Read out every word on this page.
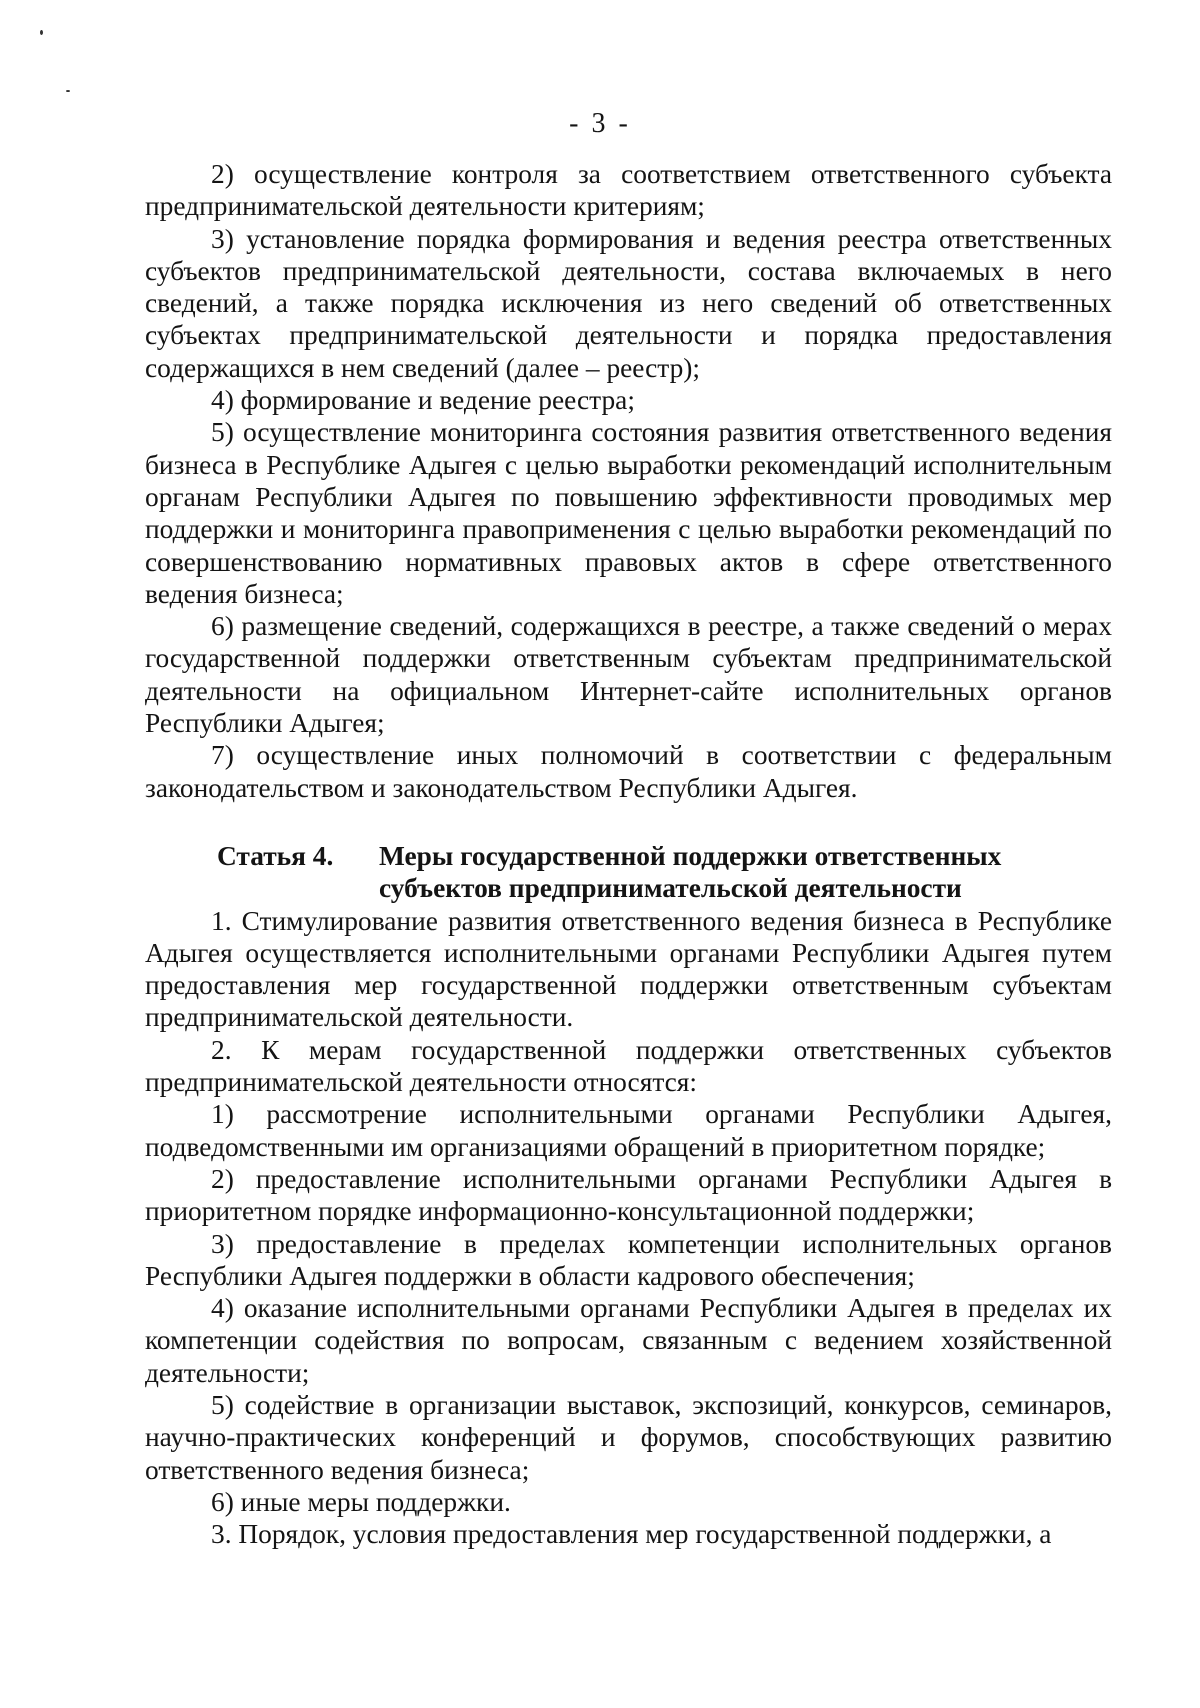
- 3 -

2) осуществление контроля за соответствием ответственного субъекта предпринимательской деятельности критериям;

3) установление порядка формирования и ведения реестра ответственных субъектов предпринимательской деятельности, состава включаемых в него сведений, а также порядка исключения из него сведений об ответственных субъектах предпринимательской деятельности и порядка предоставления содержащихся в нем сведений (далее – реестр);

4) формирование и ведение реестра;

5) осуществление мониторинга состояния развития ответственного ведения бизнеса в Республике Адыгея с целью выработки рекомендаций исполнительным органам Республики Адыгея по повышению эффективности проводимых мер поддержки и мониторинга правоприменения с целью выработки рекомендаций по совершенствованию нормативных правовых актов в сфере ответственного ведения бизнеса;

6) размещение сведений, содержащихся в реестре, а также сведений о мерах государственной поддержки ответственным субъектам предпринимательской деятельности на официальном Интернет-сайте исполнительных органов Республики Адыгея;

7) осуществление иных полномочий в соответствии с федеральным законодательством и законодательством Республики Адыгея.

Статья 4.	Меры государственной поддержки ответственных субъектов предпринимательской деятельности

1. Стимулирование развития ответственного ведения бизнеса в Республике Адыгея осуществляется исполнительными органами Республики Адыгея путем предоставления мер государственной поддержки ответственным субъектам предпринимательской деятельности.

2. К мерам государственной поддержки ответственных субъектов предпринимательской деятельности относятся:

1) рассмотрение исполнительными органами Республики Адыгея, подведомственными им организациями обращений в приоритетном порядке;

2) предоставление исполнительными органами Республики Адыгея в приоритетном порядке информационно-консультационной поддержки;

3) предоставление в пределах компетенции исполнительных органов Республики Адыгея поддержки в области кадрового обеспечения;

4) оказание исполнительными органами Республики Адыгея в пределах их компетенции содействия по вопросам, связанным с ведением хозяйственной деятельности;

5) содействие в организации выставок, экспозиций, конкурсов, семинаров, научно-практических конференций и форумов, способствующих развитию ответственного ведения бизнеса;

6) иные меры поддержки.

3. Порядок, условия предоставления мер государственной поддержки, а
